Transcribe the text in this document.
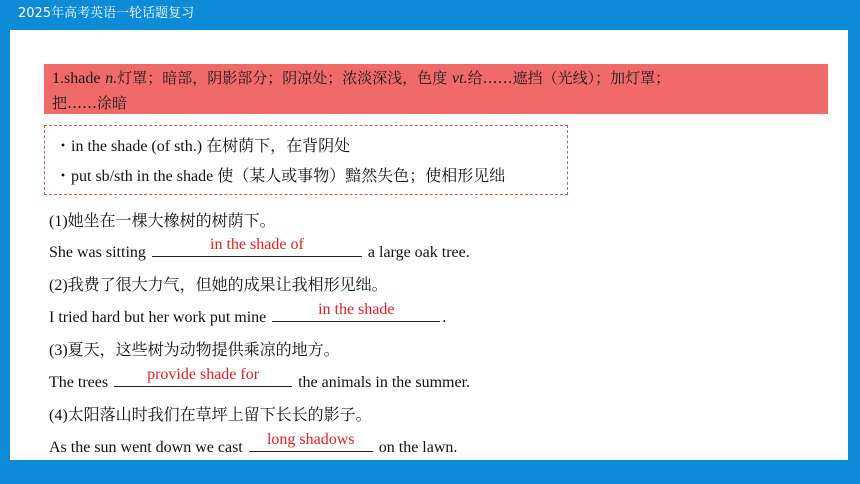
2025年高考英语一轮话题复习
1.shade n.灯罩；暗部，阴影部分；阴凉处；浓淡深浅，色度 vt.给……遮挡（光线）；加灯罩；
把……涂暗
・in the shade (of sth.) 在树荫下，在背阴处
・put sb/sth in the shade 使（某人或事物）黯然失色；使相形见绌
(1)她坐在一棵大橡树的树荫下。
She was sitting	in the shade of	a large oak tree.
(2)我费了很大力气，但她的成果让我相形见绌。
I tried hard but her work put mine	in the shade	.
(3)夏天，这些树为动物提供乘凉的地方。
The trees	provide shade for	the animals in the summer.
(4)太阳落山时我们在草坪上留下长长的影子。
As the sun went down we cast	long shadows	on the lawn.
